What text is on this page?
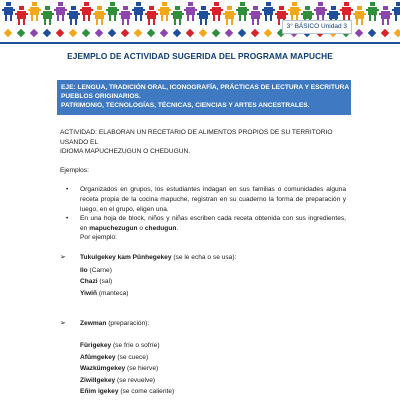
3° BÁSICO Unidad 3
EJEMPLO DE ACTIVIDAD SUGERIDA DEL PROGRAMA MAPUCHE
EJE: LENGUA, TRADICIÓN ORAL, ICONOGRAFÍA, PRÁCTICAS DE LECTURA Y ESCRITURA DE LOS
PUEBLOS ORIGINARIOS.
PATRIMONIO, TECNOLOGÍAS, TÉCNICAS, CIENCIAS Y ARTES ANCESTRALES.
ACTIVIDAD: ELABORAN UN RECETARIO DE ALIMENTOS PROPIOS DE SU TERRITORIO USANDO EL
IDIOMA MAPUCHEZUGUN O CHEDUGUN.
Ejemplos:
• Organizados en grupos, los estudiantes indagan en sus familias o comunidades alguna receta propia de la cocina mapuche, registran en su cuaderno la forma de preparación y luego, en el grupo, eligen una.
• En una hoja de block, niños y niñas escriben cada receta obtenida con sus ingredientes, en mapuchezugun o chedugun.
Por ejemplo:
➢ Tukulgekey kam Pünhegekey (se le echa o se usa):
Ilo (Carne)
Chazi (sal)
Yiwiñ (manteca)
➢ Zewman (preparación):
Fürigekey (se fríe o sofríe)
Afümgekey (se cuece)
Wazkümgekey (se hierve)
Ziwillgekey (se revuelve)
Eñim igekey (se come caliente)
